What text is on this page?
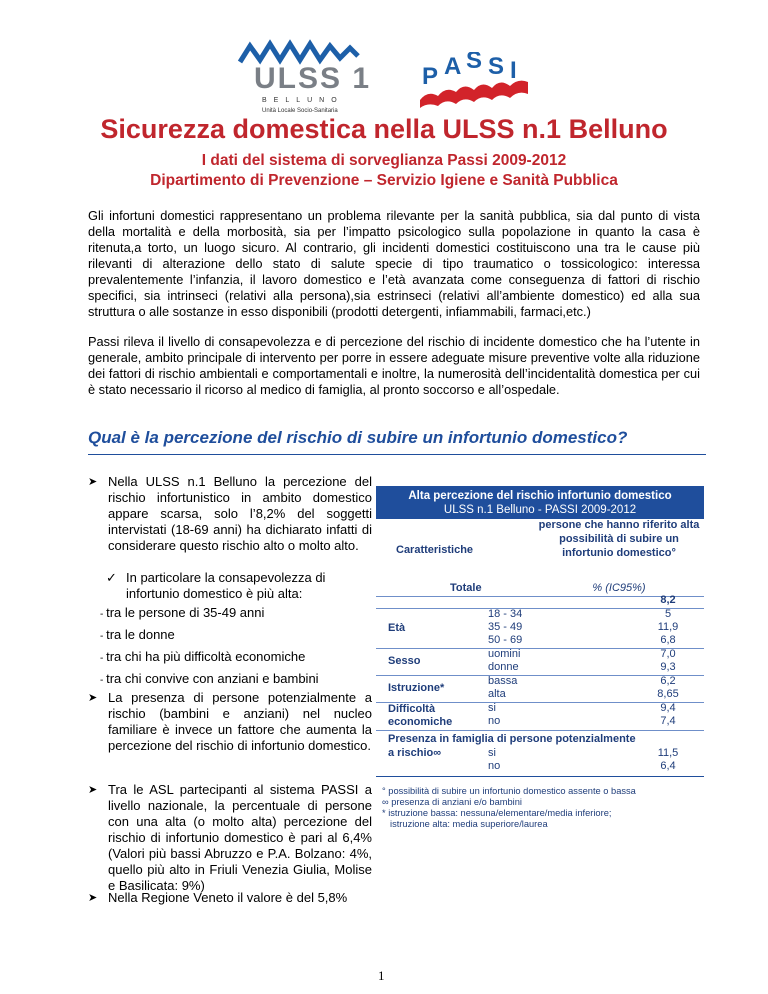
ULSS 1
BELLUNO
Unità Locale Socio-Sanitaria
P A S S I
Sicurezza domestica nella ULSS n.1 Belluno
I dati del sistema di sorveglianza Passi 2009-2012
Dipartimento di Prevenzione – Servizio Igiene e Sanità Pubblica

Gli infortuni domestici rappresentano un problema rilevante per la sanità pubblica, sia dal punto di vista della mortalità e della morbosità, sia per l’impatto psicologico sulla popolazione in quanto la casa è ritenuta,a torto, un luogo sicuro. Al contrario, gli incidenti domestici costituiscono una tra le cause più rilevanti di alterazione dello stato di salute specie di tipo traumatico o tossicologico: interessa prevalentemente l’infanzia, il lavoro domestico e l’età avanzata come conseguenza di fattori di rischio specifici, sia intrinseci (relativi alla persona),sia estrinseci (relativi all’ambiente domestico) ed alla sua struttura o alle sostanze in esso disponibili (prodotti detergenti, infiammabili, farmaci,etc.)

Passi rileva il livello di consapevolezza e di percezione del rischio di incidente domestico che ha l’utente in generale, ambito principale di intervento per porre in essere adeguate misure preventive volte alla riduzione dei fattori di rischio ambientali e comportamentali e inoltre, la numerosità dell’incidentalità domestica per cui è stato necessario il ricorso al medico di famiglia, al pronto soccorso e all’ospedale.

Qual è la percezione del rischio di subire un infortunio domestico?
➤ Nella ULSS n.1 Belluno la percezione del rischio infortunistico in ambito domestico appare scarsa, solo l’8,2% del soggetti intervistati (18-69 anni) ha dichiarato infatti di considerare questo rischio alto o molto alto.
✓ In particolare la consapevolezza di infortunio domestico è più alta:
- tra le persone di 35-49 anni
- tra le donne
- tra chi ha più difficoltà economiche
- tra chi convive con anziani e bambini
➤ La presenza di persone potenzialmente a rischio (bambini e anziani) nel nucleo familiare è invece un fattore che aumenta la percezione del rischio di infortunio domestico.
➤ Tra le ASL partecipanti al sistema PASSI a livello nazionale, la percentuale di persone con una alta (o molto alta) percezione del rischio di infortunio domestico è pari al 6,4% (Valori più bassi Abruzzo e P.A. Bolzano: 4%, quello più alto in Friuli Venezia Giulia, Molise e Basilicata: 9%)
➤ Nella Regione Veneto il valore è del 5,8%
Alta percezione del rischio infortunio domestico
ULSS n.1 Belluno - PASSI 2009-2012
Caratteristiche
persone che hanno riferito alta possibilità di subire un infortunio domestico°
% (IC95%)
Totale
8,2
Età
18 - 34	5
35 - 49	11,9
50 - 69	6,8
Sesso
uomini	7,0
donne	9,3
Istruzione*
bassa	6,2
alta	8,65
Difficoltà
economiche
si	9,4
no	7,4
Presenza in famiglia di persone potenzialmente
a rischio∞	si	11,5
no	6,4
° possibilità di subire un infortunio domestico assente o bassa
∞ presenza di anziani e/o bambini
* istruzione bassa: nessuna/elementare/media inferiore;
istruzione alta: media superiore/laurea
1
